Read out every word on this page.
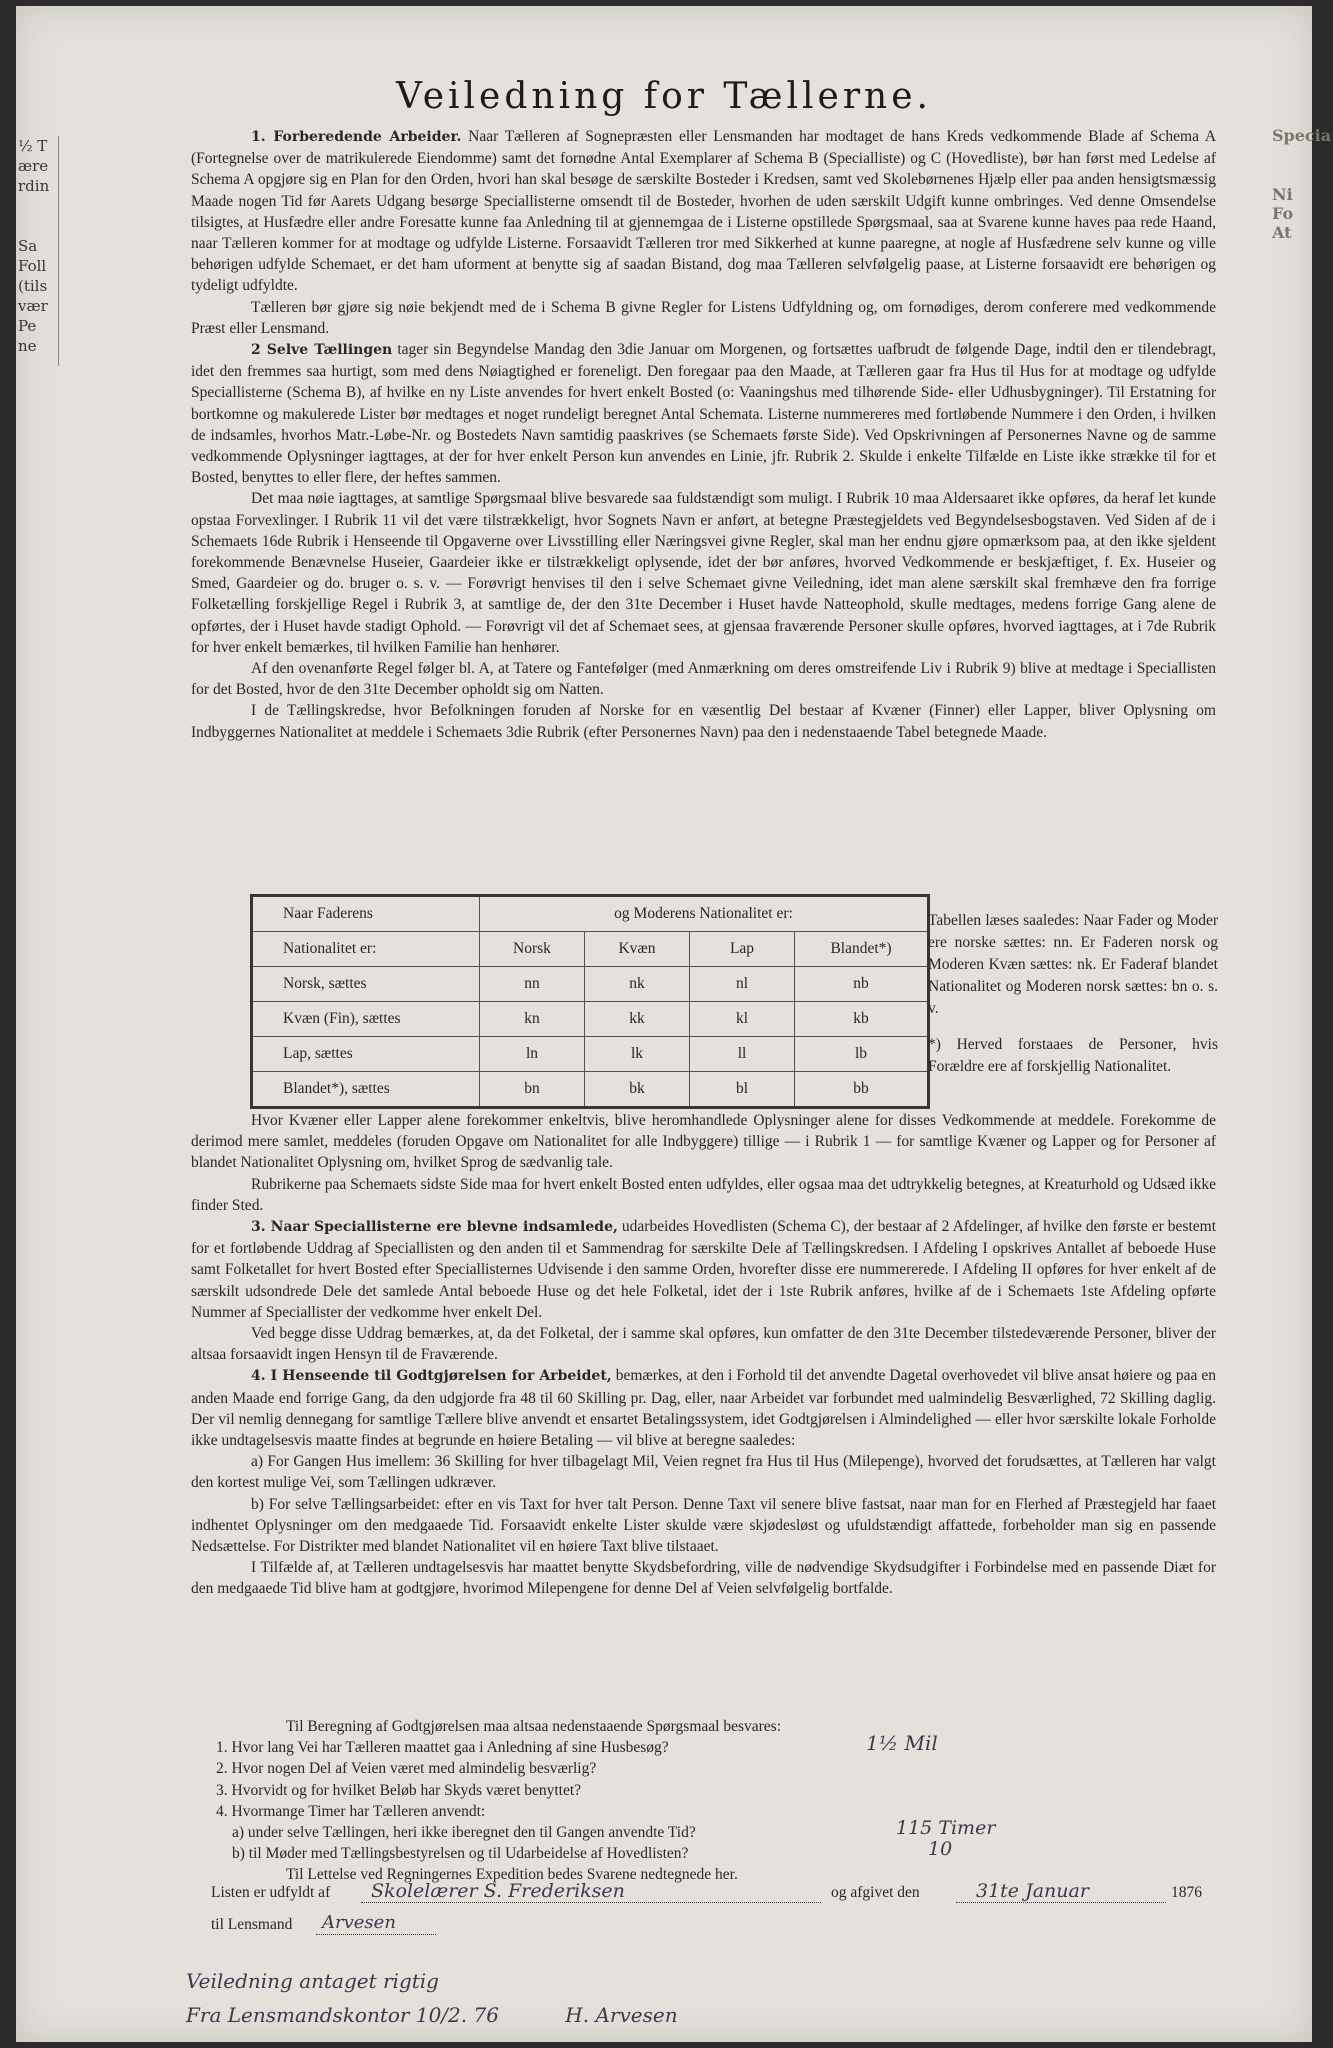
½ T
ære
rdin
Sa
Foll
(tils
vær
Pe
ne
Specia
Ni
Fo
At
Veiledning for Tællerne.

1. Forberedende Arbeider. Naar Tælleren af Sognepræsten eller Lensmanden har modtaget de hans Kreds vedkommende Blade af Schema A (Fortegnelse over de matrikulerede Eiendomme) samt det fornødne Antal Exemplarer af Schema B (Specialliste) og C (Hovedliste), bør han først med Ledelse af Schema A opgjøre sig en Plan for den Orden, hvori han skal besøge de særskilte Bosteder i Kredsen, samt ved Skolebørnenes Hjælp eller paa anden hensigtsmæssig Maade nogen Tid før Aarets Udgang besørge Speciallisterne omsendt til de Bosteder, hvorhen de uden særskilt Udgift kunne ombringes. Ved denne Omsendelse tilsigtes, at Husfædre eller andre Foresatte kunne faa Anledning til at gjennemgaa de i Listerne opstillede Spørgsmaal, saa at Svarene kunne haves paa rede Haand, naar Tælleren kommer for at modtage og udfylde Listerne. Forsaavidt Tælleren tror med Sikkerhed at kunne paaregne, at nogle af Husfædrene selv kunne og ville behørigen udfylde Schemaet, er det ham uforment at benytte sig af saadan Bistand, dog maa Tælleren selvfølgelig paase, at Listerne forsaavidt ere behørigen og tydeligt udfyldte.

Tælleren bør gjøre sig nøie bekjendt med de i Schema B givne Regler for Listens Udfyldning og, om fornødiges, derom conferere med vedkommende Præst eller Lensmand.

2 Selve Tællingen tager sin Begyndelse Mandag den 3die Januar om Morgenen, og fortsættes uafbrudt de følgende Dage, indtil den er tilendebragt, idet den fremmes saa hurtigt, som med dens Nøiagtighed er foreneligt. Den foregaar paa den Maade, at Tælleren gaar fra Hus til Hus for at modtage og udfylde Speciallisterne (Schema B), af hvilke en ny Liste anvendes for hvert enkelt Bosted (o: Vaaningshus med tilhørende Side- eller Udhusbygninger). Til Erstatning for bortkomne og makulerede Lister bør medtages et noget rundeligt beregnet Antal Schemata. Listerne nummereres med fortløbende Nummere i den Orden, i hvilken de indsamles, hvorhos Matr.-Løbe-Nr. og Bostedets Navn samtidig paaskrives (se Schemaets første Side). Ved Opskrivningen af Personernes Navne og de samme vedkommende Oplysninger iagttages, at der for hver enkelt Person kun anvendes en Linie, jfr. Rubrik 2. Skulde i enkelte Tilfælde en Liste ikke strække til for et Bosted, benyttes to eller flere, der heftes sammen.

Det maa nøie iagttages, at samtlige Spørgsmaal blive besvarede saa fuldstændigt som muligt. I Rubrik 10 maa Aldersaaret ikke opføres, da heraf let kunde opstaa Forvexlinger. I Rubrik 11 vil det være tilstrækkeligt, hvor Sognets Navn er anført, at betegne Præstegjeldets ved Begyndelsesbogstaven. Ved Siden af de i Schemaets 16de Rubrik i Henseende til Opgaverne over Livsstilling eller Næringsvei givne Regler, skal man her endnu gjøre opmærksom paa, at den ikke sjeldent forekommende Benævnelse Huseier, Gaardeier ikke er tilstrækkeligt oplysende, idet der bør anføres, hvorved Vedkommende er beskjæftiget, f. Ex. Huseier og Smed, Gaardeier og do. bruger o. s. v. — Forøvrigt henvises til den i selve Schemaet givne Veiledning, idet man alene særskilt skal fremhæve den fra forrige Folketælling forskjellige Regel i Rubrik 3, at samtlige de, der den 31te December i Huset havde Natteophold, skulle medtages, medens forrige Gang alene de opførtes, der i Huset havde stadigt Ophold. — Forøvrigt vil det af Schemaet sees, at gjensaa fraværende Personer skulle opføres, hvorved iagttages, at i 7de Rubrik for hver enkelt bemærkes, til hvilken Familie han henhører.

Af den ovenanførte Regel følger bl. A, at Tatere og Fantefølger (med Anmærkning om deres omstreifende Liv i Rubrik 9) blive at medtage i Speciallisten for det Bosted, hvor de den 31te December opholdt sig om Natten.

I de Tællingskredse, hvor Befolkningen foruden af Norske for en væsentlig Del bestaar af Kvæner (Finner) eller Lapper, bliver Oplysning om Indbyggernes Nationalitet at meddele i Schemaets 3die Rubrik (efter Personernes Navn) paa den i nedenstaaende Tabel betegnede Maade.

Naar Faderens	og Moderens Nationalitet er:			
Nationalitet er:	Norsk	Kvæn	Lap	Blandet*)
Norsk, sættes	nn	nk	nl	nb
Kvæn (Fin), sættes	kn	kk	kl	kb
Lap, sættes	ln	lk	ll	lb
Blandet*), sættes	bn	bk	bl	bb

Tabellen læses saaledes: Naar Fader og Moder ere norske sættes: nn. Er Faderen norsk og Moderen Kvæn sættes: nk. Er Faderaf blandet Nationalitet og Moderen norsk sættes: bn o. s. v.

*) Herved forstaaes de Personer, hvis Forældre ere af forskjellig Nationalitet.

Hvor Kvæner eller Lapper alene forekommer enkeltvis, blive heromhandlede Oplysninger alene for disses Vedkommende at meddele. Forekomme de derimod mere samlet, meddeles (foruden Opgave om Nationalitet for alle Indbyggere) tillige — i Rubrik 1 — for samtlige Kvæner og Lapper og for Personer af blandet Nationalitet Oplysning om, hvilket Sprog de sædvanlig tale.

Rubrikerne paa Schemaets sidste Side maa for hvert enkelt Bosted enten udfyldes, eller ogsaa maa det udtrykkelig betegnes, at Kreaturhold og Udsæd ikke finder Sted.

3. Naar Speciallisterne ere blevne indsamlede, udarbeides Hovedlisten (Schema C), der bestaar af 2 Afdelinger, af hvilke den første er bestemt for et fortløbende Uddrag af Speciallisten og den anden til et Sammendrag for særskilte Dele af Tællingskredsen. I Afdeling I opskrives Antallet af beboede Huse samt Folketallet for hvert Bosted efter Speciallisternes Udvisende i den samme Orden, hvorefter disse ere nummererede. I Afdeling II opføres for hver enkelt af de særskilt udsondrede Dele det samlede Antal beboede Huse og det hele Folketal, idet der i 1ste Rubrik anføres, hvilke af de i Schemaets 1ste Afdeling opførte Nummer af Speciallister der vedkomme hver enkelt Del.

Ved begge disse Uddrag bemærkes, at, da det Folketal, der i samme skal opføres, kun omfatter de den 31te December tilstedeværende Personer, bliver der altsaa forsaavidt ingen Hensyn til de Fraværende.

4. I Henseende til Godtgjørelsen for Arbeidet, bemærkes, at den i Forhold til det anvendte Dagetal overhovedet vil blive ansat høiere og paa en anden Maade end forrige Gang, da den udgjorde fra 48 til 60 Skilling pr. Dag, eller, naar Arbeidet var forbundet med ualmindelig Besværlighed, 72 Skilling daglig. Der vil nemlig dennegang for samtlige Tællere blive anvendt et ensartet Betalingssystem, idet Godtgjørelsen i Almindelighed — eller hvor særskilte lokale Forholde ikke undtagelsesvis maatte findes at begrunde en høiere Betaling — vil blive at beregne saaledes:

a) For Gangen Hus imellem: 36 Skilling for hver tilbagelagt Mil, Veien regnet fra Hus til Hus (Milepenge), hvorved det forudsættes, at Tælleren har valgt den kortest mulige Vei, som Tællingen udkræver.

b) For selve Tællingsarbeidet: efter en vis Taxt for hver talt Person. Denne Taxt vil senere blive fastsat, naar man for en Flerhed af Præstegjeld har faaet indhentet Oplysninger om den medgaaede Tid. Forsaavidt enkelte Lister skulde være skjødesløst og ufuldstændigt affattede, forbeholder man sig en passende Nedsættelse. For Distrikter med blandet Nationalitet vil en høiere Taxt blive tilstaaet.

I Tilfælde af, at Tælleren undtagelsesvis har maattet benytte Skydsbefordring, ville de nødvendige Skydsudgifter i Forbindelse med en passende Diæt for den medgaaede Tid blive ham at godtgjøre, hvorimod Milepengene for denne Del af Veien selvfølgelig bortfalde.

Til Beregning af Godtgjørelsen maa altsaa nedenstaaende Spørgsmaal besvares:
1. Hvor lang Vei har Tælleren maattet gaa i Anledning af sine Husbesøg?	1½ Mil
2. Hvor nogen Del af Veien været med almindelig besværlig?
3. Hvorvidt og for hvilket Beløb har Skyds været benyttet?
4. Hvormange Timer har Tælleren anvendt:
a) under selve Tællingen, heri ikke iberegnet den til Gangen anvendte Tid?	115 Timer
b) til Møder med Tællingsbestyrelsen og til Udarbeidelse af Hovedlisten?	10
Til Lettelse ved Regningernes Expedition bedes Svarene nedtegnede her.
Listen er udfyldt af	Skolelærer S. Frederiksen	og afgivet den	31te Januar	1876
til Lensmand	Arvesen
Veiledning antaget rigtig
Fra Lensmandskontor 10/2. 76	H. Arvesen
